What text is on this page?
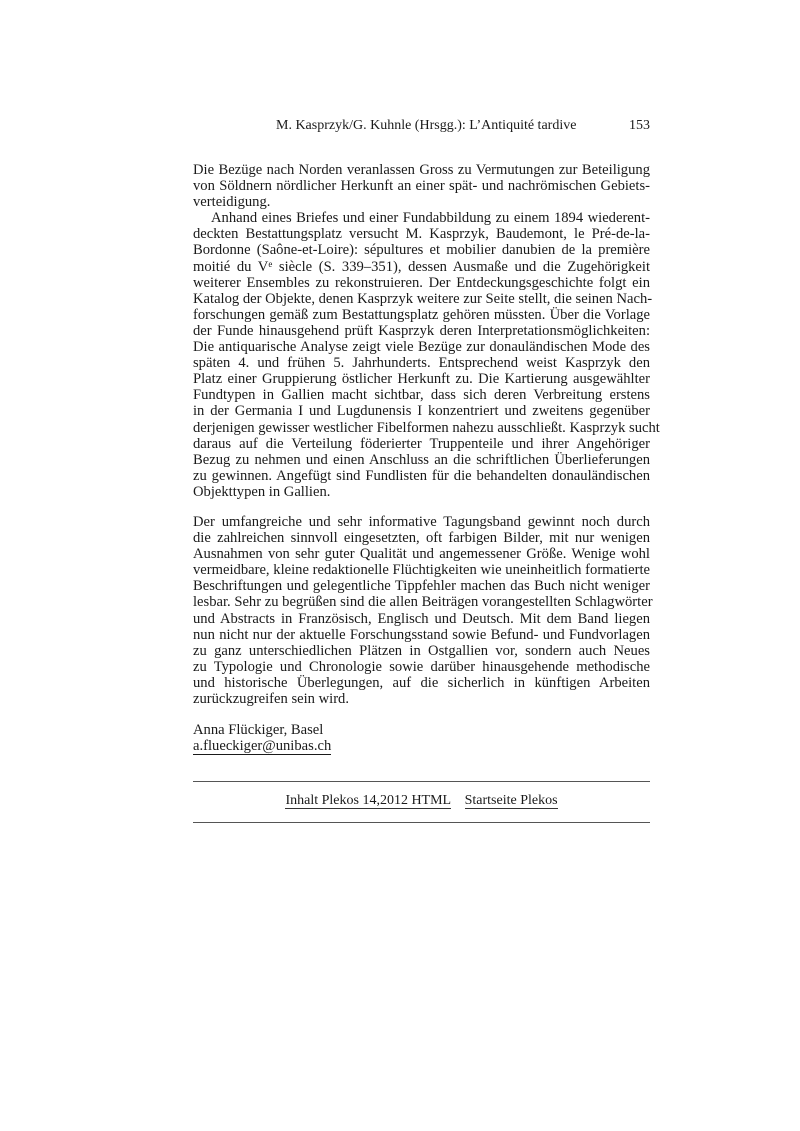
M. Kasprzyk/G. Kuhnle (Hrsgg.): L’Antiquité tardive	153
Die Bezüge nach Norden veranlassen Gross zu Vermutungen zur Beteiligung
von Söldnern nördlicher Herkunft an einer spät- und nachrömischen Gebiets-
verteidigung.
Anhand eines Briefes und einer Fundabbildung zu einem 1894 wiederent-
deckten Bestattungsplatz versucht M. Kasprzyk, Baudemont, le Pré-de-la-
Bordonne (Saône-et-Loire): sépultures et mobilier danubien de la première
moitié du Ve siècle (S. 339–351), dessen Ausmaße und die Zugehörigkeit
weiterer Ensembles zu rekonstruieren. Der Entdeckungsgeschichte folgt ein
Katalog der Objekte, denen Kasprzyk weitere zur Seite stellt, die seinen Nach-
forschungen gemäß zum Bestattungsplatz gehören müssten. Über die Vorlage
der Funde hinausgehend prüft Kasprzyk deren Interpretationsmöglichkeiten:
Die antiquarische Analyse zeigt viele Bezüge zur donauländischen Mode des
späten 4. und frühen 5. Jahrhunderts. Entsprechend weist Kasprzyk den
Platz einer Gruppierung östlicher Herkunft zu. Die Kartierung ausgewählter
Fundtypen in Gallien macht sichtbar, dass sich deren Verbreitung erstens
in der Germania I und Lugdunensis I konzentriert und zweitens gegenüber
derjenigen gewisser westlicher Fibelformen nahezu ausschließt. Kasprzyk sucht
daraus auf die Verteilung föderierter Truppenteile und ihrer Angehöriger
Bezug zu nehmen und einen Anschluss an die schriftlichen Überlieferungen
zu gewinnen. Angefügt sind Fundlisten für die behandelten donauländischen
Objekttypen in Gallien.
Der umfangreiche und sehr informative Tagungsband gewinnt noch durch
die zahlreichen sinnvoll eingesetzten, oft farbigen Bilder, mit nur wenigen
Ausnahmen von sehr guter Qualität und angemessener Größe. Wenige wohl
vermeidbare, kleine redaktionelle Flüchtigkeiten wie uneinheitlich formatierte
Beschriftungen und gelegentliche Tippfehler machen das Buch nicht weniger
lesbar. Sehr zu begrüßen sind die allen Beiträgen vorangestellten Schlagwörter
und Abstracts in Französisch, Englisch und Deutsch. Mit dem Band liegen
nun nicht nur der aktuelle Forschungsstand sowie Befund- und Fundvorlagen
zu ganz unterschiedlichen Plätzen in Ostgallien vor, sondern auch Neues
zu Typologie und Chronologie sowie darüber hinausgehende methodische
und historische Überlegungen, auf die sicherlich in künftigen Arbeiten
zurückzugreifen sein wird.
Anna Flückiger, Basel
a.flueckiger@unibas.ch
Inhalt Plekos 14,2012 HTML Startseite Plekos
